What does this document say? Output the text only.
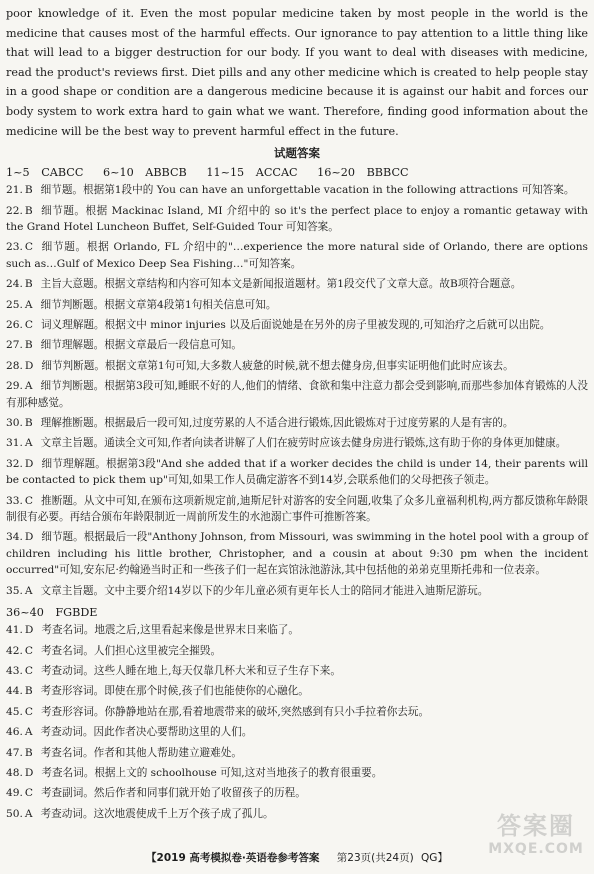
poor knowledge of it. Even the most popular medicine taken by most people in the world is the medicine that causes most of the harmful effects. Our ignorance to pay attention to a little thing like that will lead to a bigger destruction for our body. If you want to deal with diseases with medicine, read the product's reviews first. Diet pills and any other medicine which is created to help people stay in a good shape or condition are a dangerous medicine because it is against our habit and forces our body system to work extra hard to gain what we want. Therefore, finding good information about the medicine will be the best way to prevent harmful effect in the future.

试题答案

1~5 CABCC 6~10 ABBCB 11~15 ACCAC 16~20 BBBCC

21. B 细节题。根据第1段中的 You can have an unforgettable vacation in the following attractions 可知答案。
22. B 细节题。根据 Mackinac Island, MI 介绍中的 so it's the perfect place to enjoy a romantic getaway with the Grand Hotel Luncheon Buffet, Self-Guided Tour 可知答案。
23. C 细节题。根据 Orlando, FL 介绍中的"…experience the more natural side of Orlando, there are options such as…Gulf of Mexico Deep Sea Fishing…"可知答案。
24. B 主旨大意题。根据文章结构和内容可知本文是新闻报道题材。第1段交代了文章大意。故B项符合题意。
25. A 细节判断题。根据文章第4段第1句相关信息可知。
26. C 词义理解题。根据文中 minor injuries 以及后面说她是在另外的房子里被发现的,可知治疗之后就可以出院。
27. B 细节理解题。根据文章最后一段信息可知。
28. D 细节判断题。根据文章第1句可知,大多数人疲惫的时候,就不想去健身房,但事实证明他们此时应该去。
29. A 细节判断题。根据第3段可知,睡眠不好的人,他们的情绪、食欲和集中注意力都会受到影响,而那些参加体育锻炼的人没有那种感觉。
30. B 理解推断题。根据最后一段可知,过度劳累的人不适合进行锻炼,因此锻炼对于过度劳累的人是有害的。
31. A 文章主旨题。通读全文可知,作者向读者讲解了人们在疲劳时应该去健身房进行锻炼,这有助于你的身体更加健康。
32. D 细节理解题。根据第3段"And she added that if a worker decides the child is under 14, their parents will be contacted to pick them up"可知,如果工作人员确定游客不到14岁,会联系他们的父母把孩子领走。
33. C 推断题。从文中可知,在颁布这项新规定前,迪斯尼针对游客的安全问题,收集了众多儿童福利机构,两方都反馈称年龄限制很有必要。再结合颁布年龄限制近一周前所发生的水池溺亡事件可推断答案。
34. D 细节题。根据最后一段"Anthony Johnson, from Missouri, was swimming in the hotel pool with a group of children including his little brother, Christopher, and a cousin at about 9:30 pm when the incident occurred"可知,安东尼·约翰逊当时正和一些孩子们一起在宾馆泳池游泳,其中包括他的弟弟克里斯托弗和一位表亲。
35. A 文章主旨题。文中主要介绍14岁以下的少年儿童必须有更年长人士的陪同才能进入迪斯尼游玩。

36~40 FGBDE

41. D 考查名词。地震之后,这里看起来像是世界末日来临了。
42. C 考查名词。人们担心这里被完全摧毁。
43. C 考查动词。这些人睡在地上,每天仅靠几杯大米和豆子生存下来。
44. B 考查形容词。即使在那个时候,孩子们也能使你的心融化。
45. C 考查形容词。你静静地站在那,看着地震带来的破坏,突然感到有只小手拉着你去玩。
46. A 考查动词。因此作者决心要帮助这里的人们。
47. B 考查名词。作者和其他人帮助建立避难处。
48. D 考查名词。根据上文的 schoolhouse 可知,这对当地孩子的教育很重要。
49. C 考查副词。然后作者和同事们就开始了收留孩子的历程。
50. A 考查动词。这次地震使成千上万个孩子成了孤儿。	答案圈
MXQE.COM
【2019 高考模拟卷·英语卷参考答案 第23页(共24页) QG】
